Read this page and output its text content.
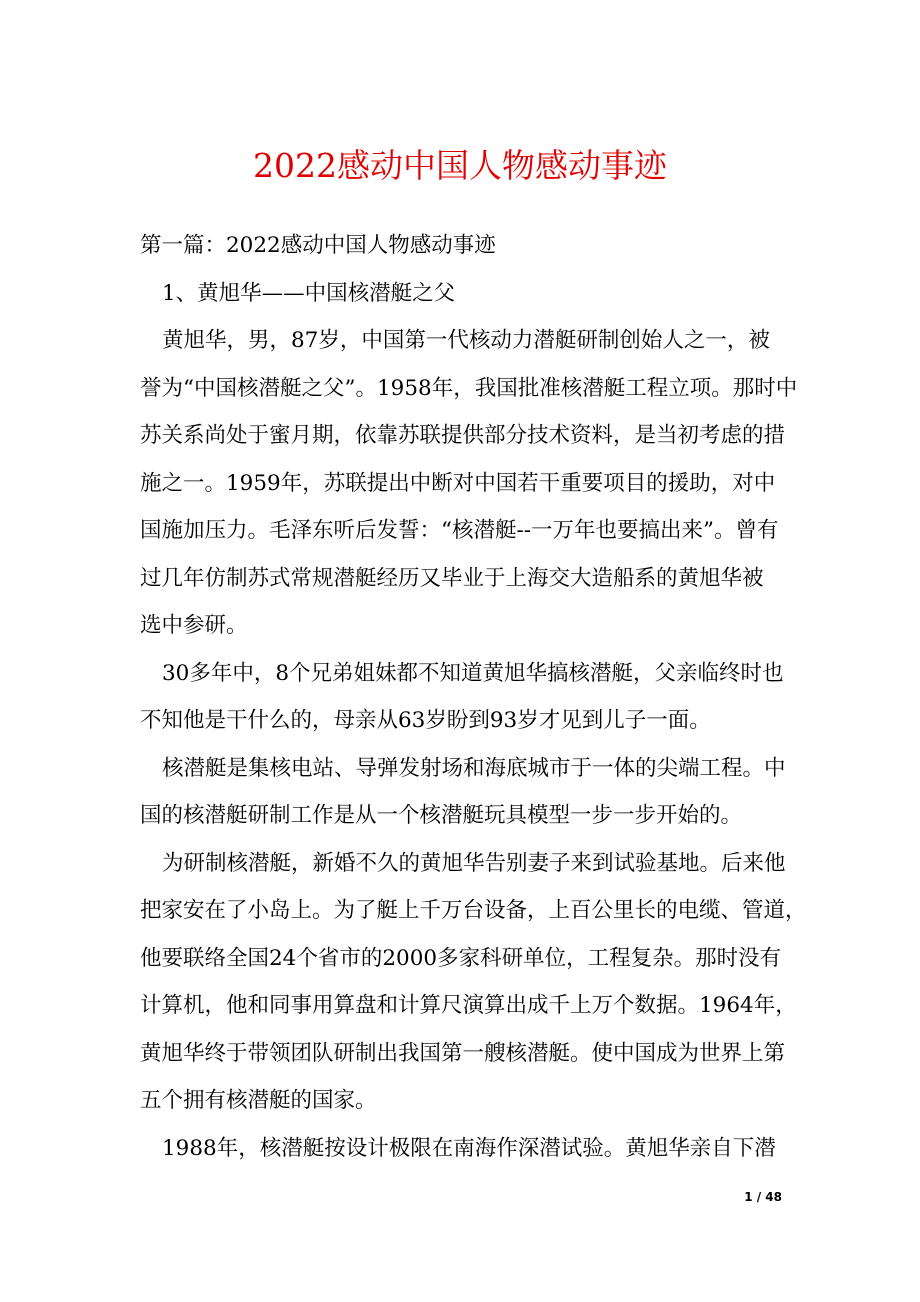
2022感动中国人物感动事迹

第一篇：2022感动中国人物感动事迹

1、黄旭华——中国核潜艇之父

黄旭华，男，87岁，中国第一代核动力潜艇研制创始人之一，被

誉为“中国核潜艇之父”。1958年，我国批准核潜艇工程立项。那时中

苏关系尚处于蜜月期，依靠苏联提供部分技术资料，是当初考虑的措

施之一。1959年，苏联提出中断对中国若干重要项目的援助，对中

国施加压力。毛泽东听后发誓：“核潜艇--一万年也要搞出来”。曾有

过几年仿制苏式常规潜艇经历又毕业于上海交大造船系的黄旭华被

选中参研。

30多年中，8个兄弟姐妹都不知道黄旭华搞核潜艇，父亲临终时也

不知他是干什么的，母亲从63岁盼到93岁才见到儿子一面。

核潜艇是集核电站、导弹发射场和海底城市于一体的尖端工程。中

国的核潜艇研制工作是从一个核潜艇玩具模型一步一步开始的。

为研制核潜艇，新婚不久的黄旭华告别妻子来到试验基地。后来他

把家安在了小岛上。为了艇上千万台设备，上百公里长的电缆、管道，

他要联络全国24个省市的2000多家科研单位，工程复杂。那时没有

计算机，他和同事用算盘和计算尺演算出成千上万个数据。1964年，

黄旭华终于带领团队研制出我国第一艘核潜艇。使中国成为世界上第

五个拥有核潜艇的国家。

1988年，核潜艇按设计极限在南海作深潜试验。黄旭华亲自下潜

1 / 48
